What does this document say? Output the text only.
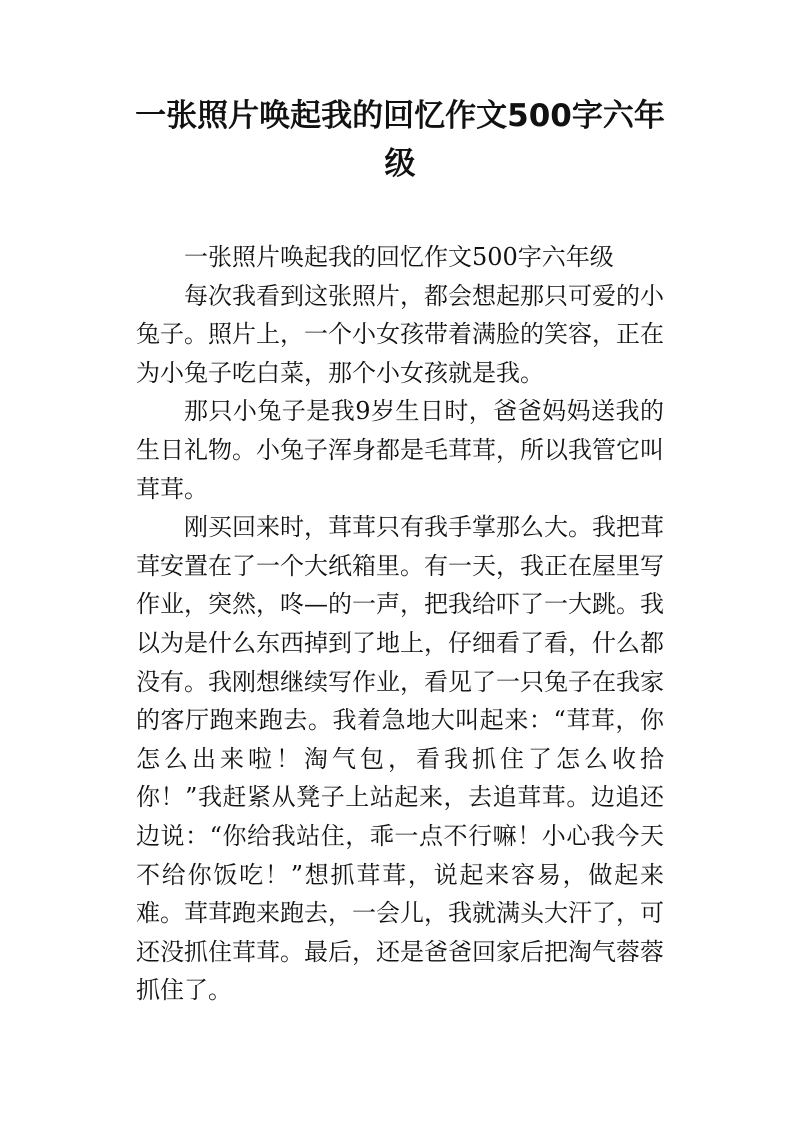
一张照片唤起我的回忆作文500字六年级

一张照片唤起我的回忆作文500字六年级

每次我看到这张照片，都会想起那只可爱的小兔子。照片上，一个小女孩带着满脸的笑容，正在为小兔子吃白菜，那个小女孩就是我。

那只小兔子是我9岁生日时，爸爸妈妈送我的生日礼物。小兔子浑身都是毛茸茸，所以我管它叫茸茸。

刚买回来时，茸茸只有我手掌那么大。我把茸茸安置在了一个大纸箱里。有一天，我正在屋里写作业，突然，咚—的一声，把我给吓了一大跳。我以为是什么东西掉到了地上，仔细看了看，什么都没有。我刚想继续写作业，看见了一只兔子在我家的客厅跑来跑去。我着急地大叫起来：“茸茸，你怎么出来啦！淘气包，看我抓住了怎么收拾你！”我赶紧从凳子上站起来，去追茸茸。边追还边说：“你给我站住，乖一点不行嘛！小心我今天不给你饭吃！”想抓茸茸，说起来容易，做起来难。茸茸跑来跑去，一会儿，我就满头大汗了，可还没抓住茸茸。最后，还是爸爸回家后把淘气蓉蓉抓住了。
